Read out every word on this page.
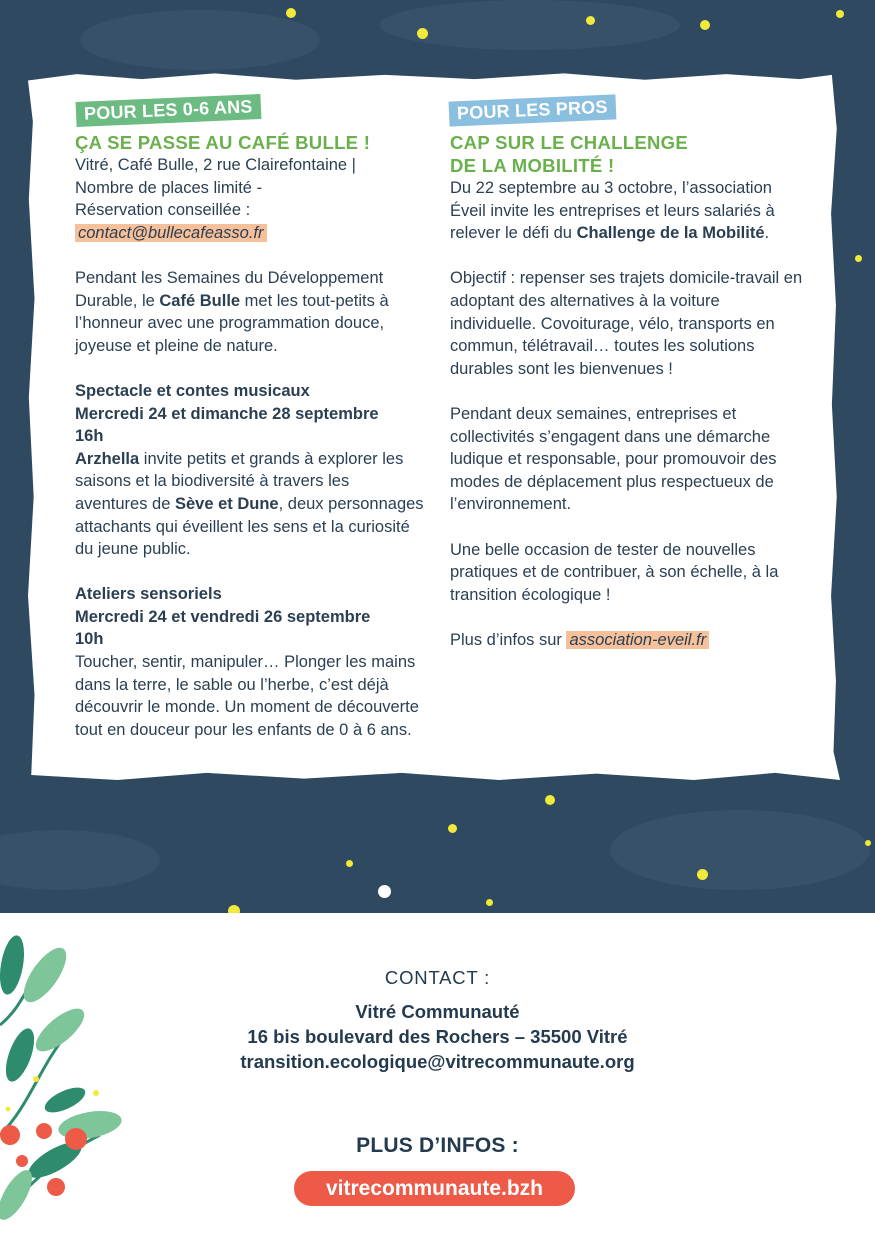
POUR LES 0-6 ANS

ÇA SE PASSE AU CAFÉ BULLE !

Vitré, Café Bulle, 2 rue Clairefontaine |

Nombre de places limité -

Réservation conseillée :

contact@bullecafeasso.fr

Pendant les Semaines du Développement Durable, le Café Bulle met les tout-petits à l’honneur avec une programmation douce, joyeuse et pleine de nature.

Spectacle et contes musicaux

Mercredi 24 et dimanche 28 septembre

16h

Arzhella invite petits et grands à explorer les saisons et la biodiversité à travers les aventures de Sève et Dune, deux personnages attachants qui éveillent les sens et la curiosité du jeune public.

Ateliers sensoriels

Mercredi 24 et vendredi 26 septembre

10h

Toucher, sentir, manipuler… Plonger les mains dans la terre, le sable ou l’herbe, c’est déjà découvrir le monde. Un moment de découverte tout en douceur pour les enfants de 0 à 6 ans.

POUR LES PROS

CAP SUR LE CHALLENGE

DE LA MOBILITÉ !

Du 22 septembre au 3 octobre, l’association Éveil invite les entreprises et leurs salariés à relever le défi du Challenge de la Mobilité.

Objectif : repenser ses trajets domicile-travail en adoptant des alternatives à la voiture individuelle. Covoiturage, vélo, transports en commun, télétravail… toutes les solutions durables sont les bienvenues !

Pendant deux semaines, entreprises et collectivités s’engagent dans une démarche ludique et responsable, pour promouvoir des modes de déplacement plus respectueux de l’environnement.

Une belle occasion de tester de nouvelles pratiques et de contribuer, à son échelle, à la transition écologique !

Plus d’infos sur association-eveil.fr

CONTACT :
Vitré Communauté
16 bis boulevard des Rochers – 35500 Vitré
transition.ecologique@vitrecommunaute.org
PLUS D’INFOS :
vitrecommunaute.bzh
